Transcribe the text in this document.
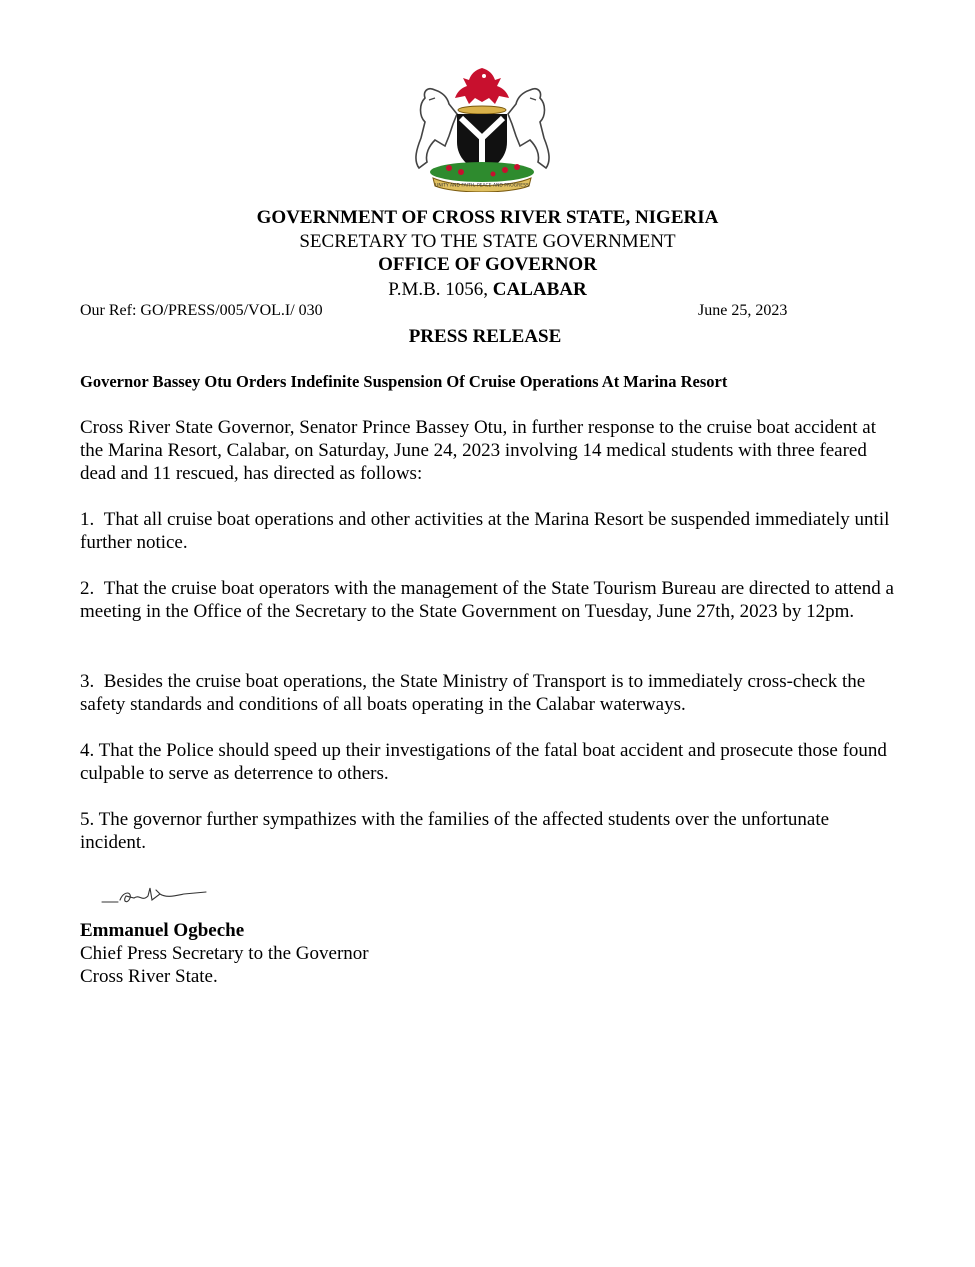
UNITY AND FAITH, PEACE AND PROGRESS
GOVERNMENT OF CROSS RIVER STATE, NIGERIA
SECRETARY TO THE STATE GOVERNMENT
OFFICE OF GOVERNOR
P.M.B. 1056, CALABAR
Our Ref: GO/PRESS/005/VOL.I/ 030	June 25, 2023
PRESS RELEASE
Governor Bassey Otu Orders Indefinite Suspension Of Cruise Operations At Marina Resort
Cross River State Governor, Senator Prince Bassey Otu, in further response to the cruise boat accident at the Marina Resort, Calabar, on Saturday, June 24, 2023 involving 14 medical students with three feared dead and 11 rescued, has directed as follows:
1.  That all cruise boat operations and other activities at the Marina Resort be suspended immediately until further notice.
2.  That the cruise boat operators with the management of the State Tourism Bureau are directed to attend a meeting in the Office of the Secretary to the State Government on Tuesday, June 27th, 2023 by 12pm.
3.  Besides the cruise boat operations, the State Ministry of Transport is to immediately cross-check the safety standards and conditions of all boats operating in the Calabar waterways.
4. That the Police should speed up their investigations of the fatal boat accident and prosecute those found culpable to serve as deterrence to others.
5. The governor further sympathizes with the families of the affected students over the unfortunate incident.
Emmanuel Ogbeche
Chief Press Secretary to the Governor
Cross River State.
